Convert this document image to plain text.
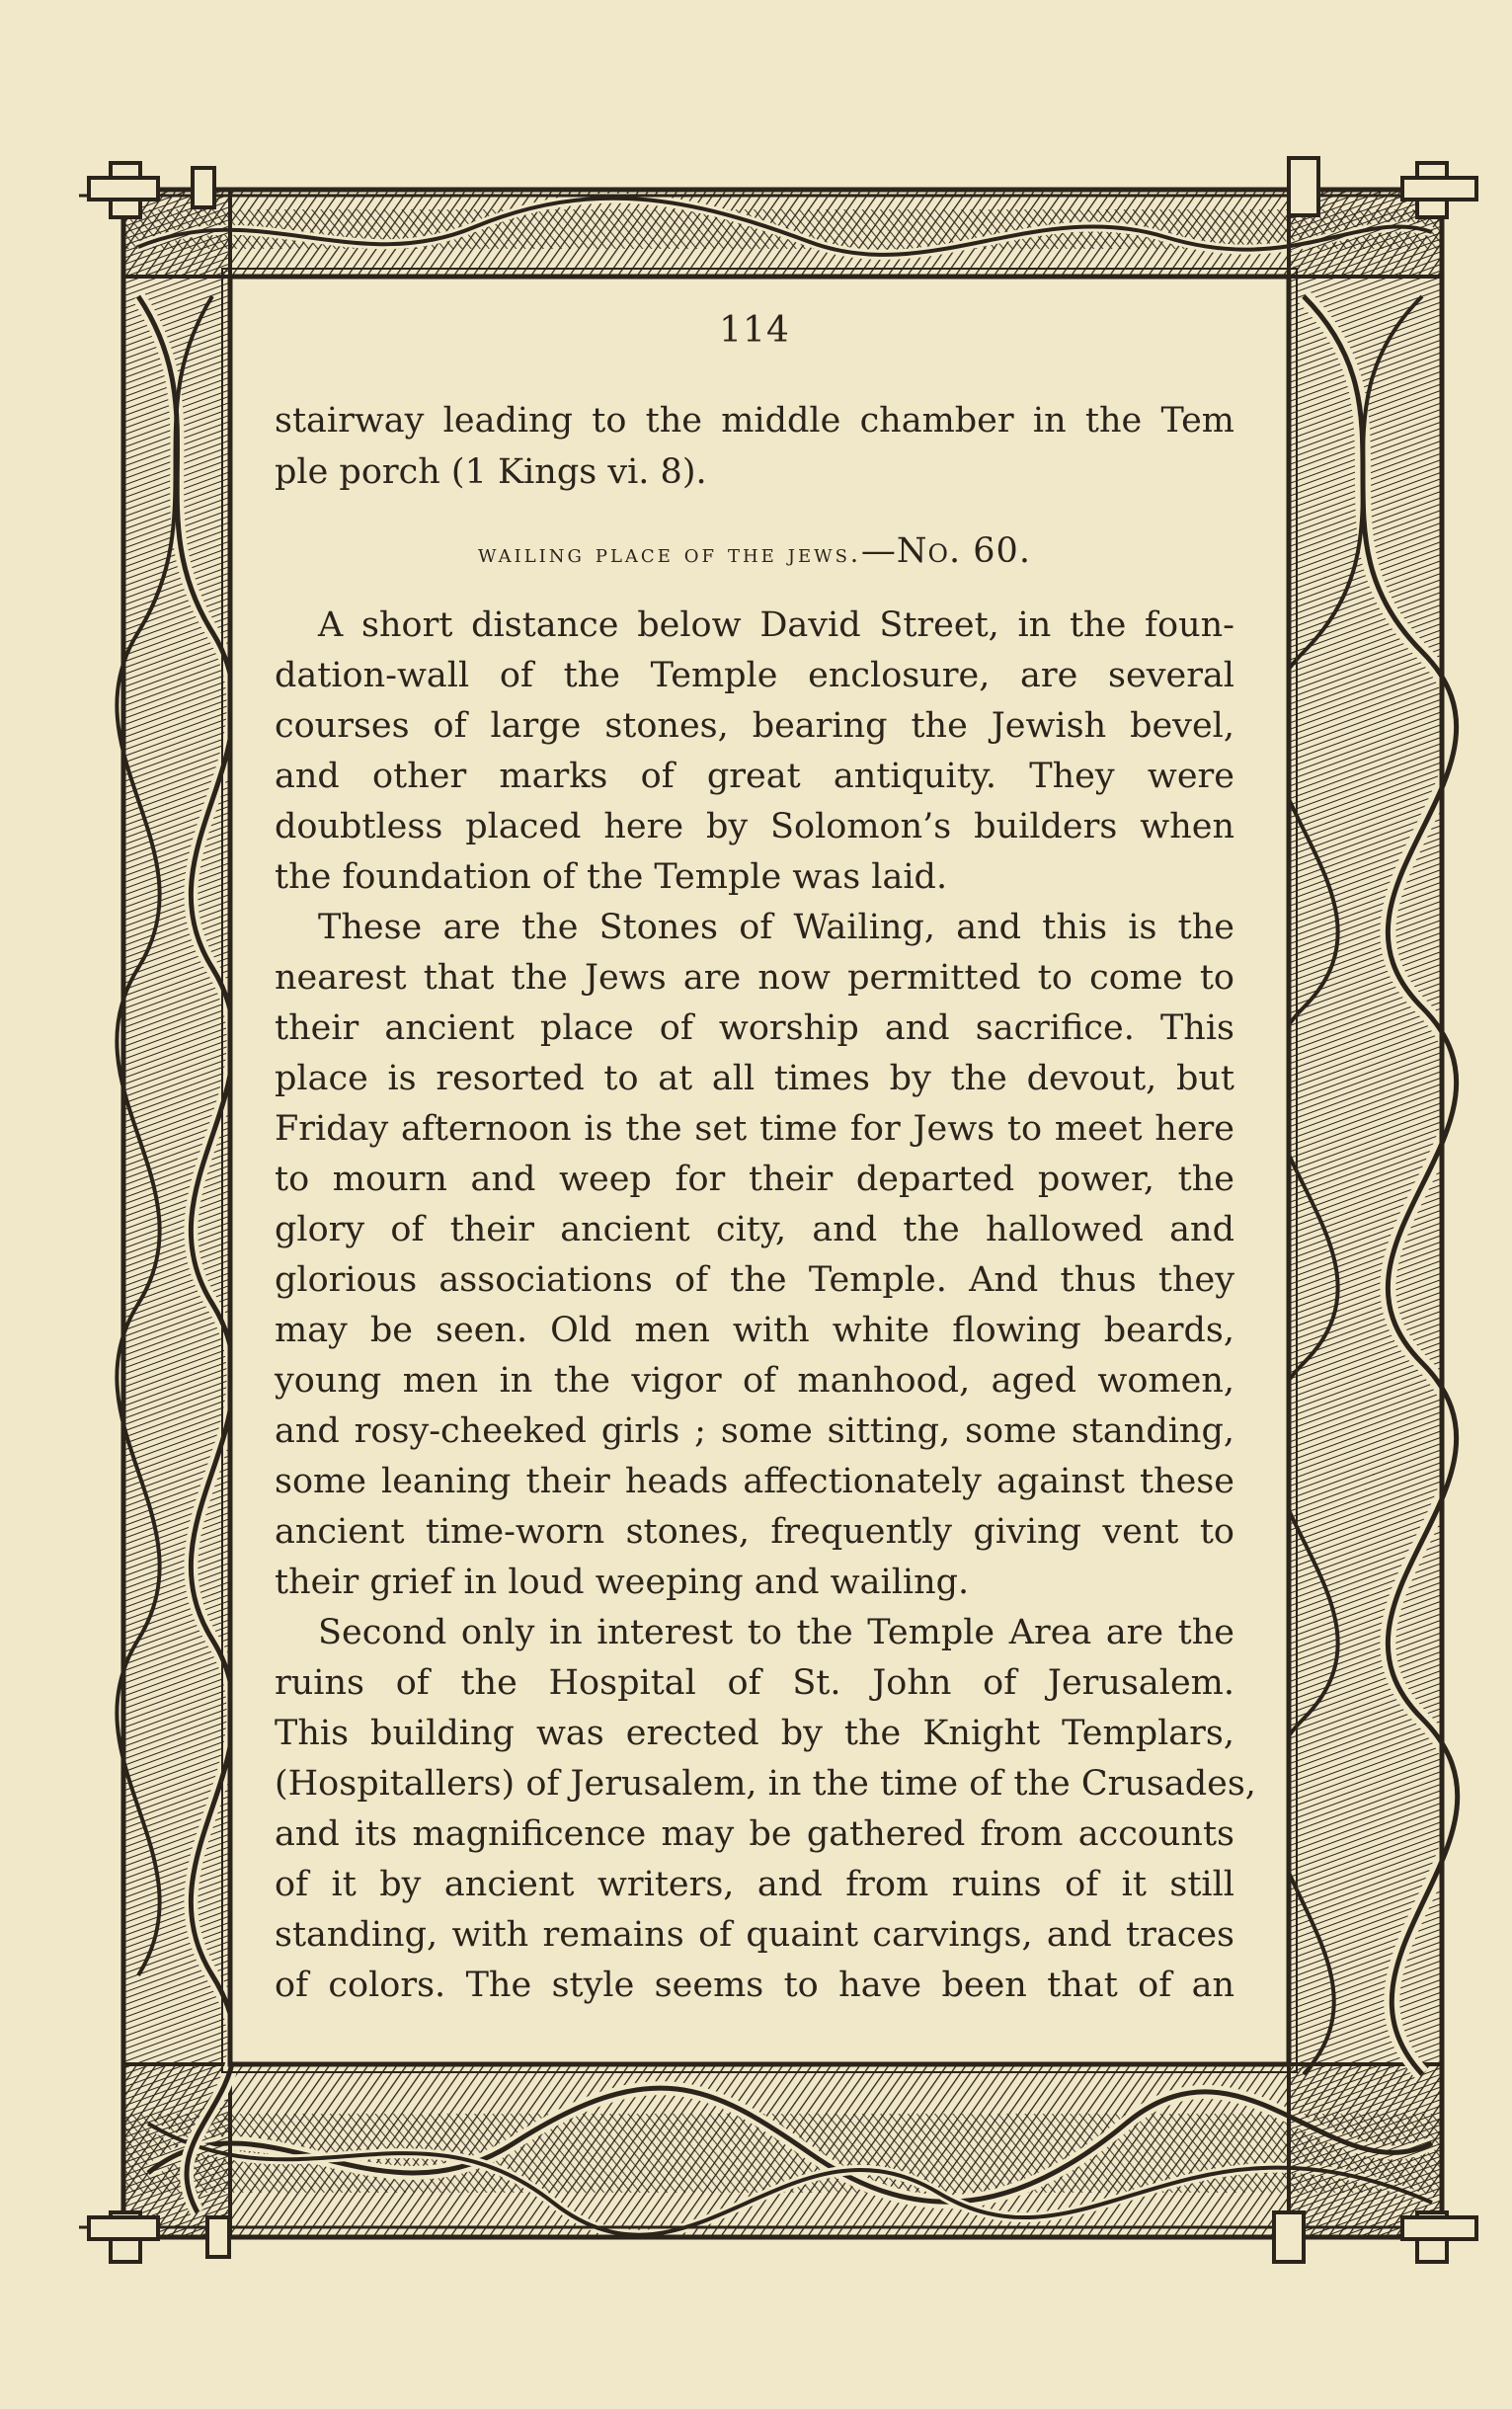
114
stairway leading to the middle chamber in the Tem
ple porch (1 Kings vi. 8).
wailing place of the jews.—No. 60.
A short distance below David Street, in the foun-
dation-wall of the Temple enclosure, are several
courses of large stones, bearing the Jewish bevel,
and other marks of great antiquity. They were
doubtless placed here by Solomon’s builders when
the foundation of the Temple was laid.
These are the Stones of Wailing, and this is the
nearest that the Jews are now permitted to come to
their ancient place of worship and sacrifice. This
place is resorted to at all times by the devout, but
Friday afternoon is the set time for Jews to meet here
to mourn and weep for their departed power, the
glory of their ancient city, and the hallowed and
glorious associations of the Temple. And thus they
may be seen. Old men with white flowing beards,
young men in the vigor of manhood, aged women,
and rosy-cheeked girls ; some sitting, some standing,
some leaning their heads affectionately against these
ancient time-worn stones, frequently giving vent to
their grief in loud weeping and wailing.
Second only in interest to the Temple Area are the
ruins of the Hospital of St. John of Jerusalem.
This building was erected by the Knight Templars,
(Hospitallers) of Jerusalem, in the time of the Crusades,
and its magnificence may be gathered from accounts
of it by ancient writers, and from ruins of it still
standing, with remains of quaint carvings, and traces
of colors. The style seems to have been that of an
